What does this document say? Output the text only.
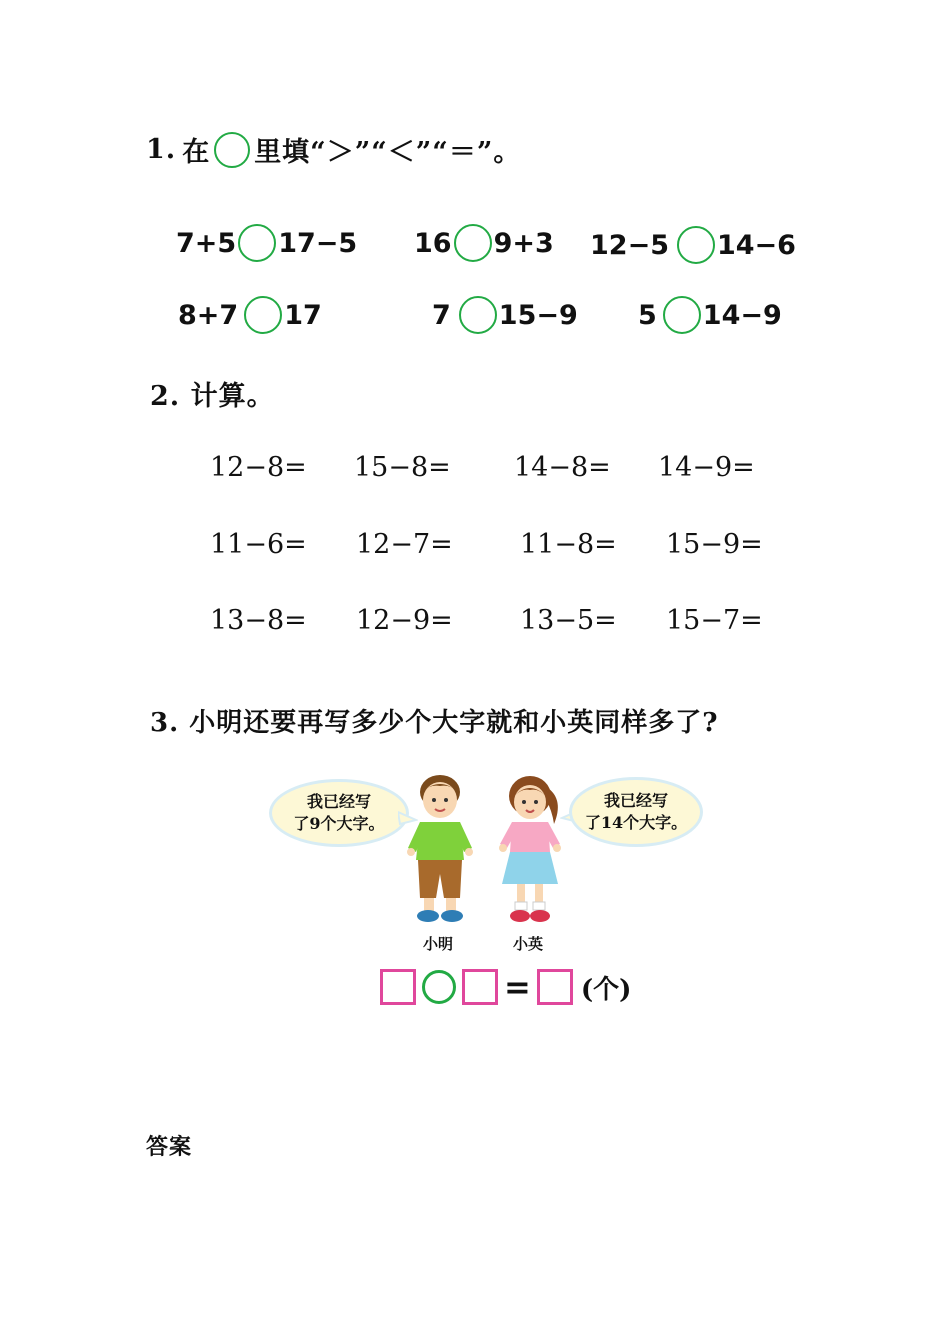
1. 在 里填“＞”“＜”“＝”。
7+5 17−5 16 9+3 12−5 14−6
8+7 17	7 15−9 5 14−9
2. 计算。
12−8= 15−8= 14−8= 14−9=
11−6= 12−7= 11−8= 15−9=
13−8= 12−9= 13−5= 15−7=
3. 小明还要再写多少个大字就和小英同样多了?
我已经写
了9个大字。
我已经写
了14个大字。
小明	小英
= (个)
答案
